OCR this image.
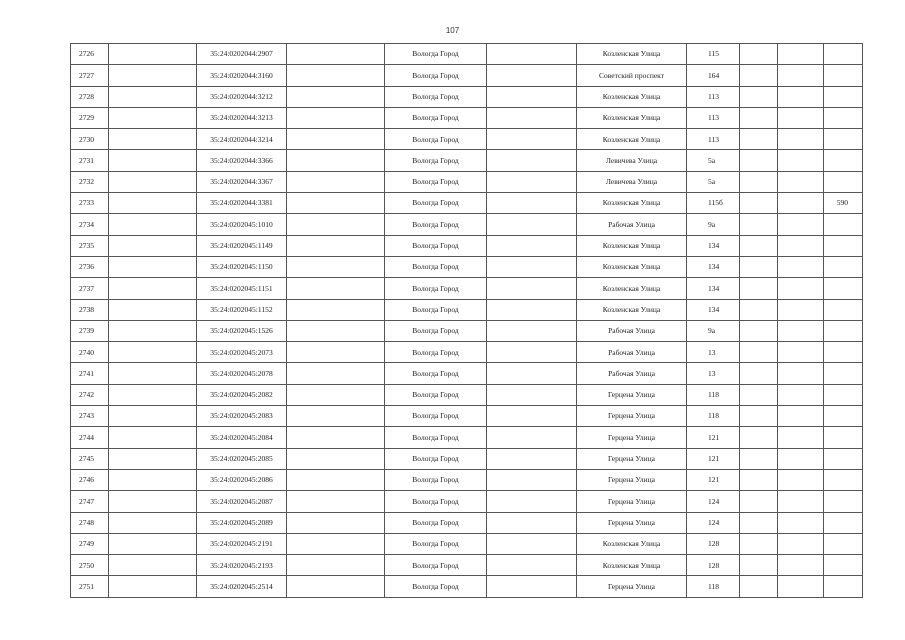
107
2726		35:24:0202044:2907		Вологда Город		Козленская Улица	115			
2727		35:24:0202044:3160		Вологда Город		Советский проспект	164			
2728		35:24:0202044:3212		Вологда Город		Козленская Улица	113			
2729		35:24:0202044:3213		Вологда Город		Козленская Улица	113			
2730		35:24:0202044:3214		Вологда Город		Козленская Улица	113			
2731		35:24:0202044:3366		Вологда Город		Левичева Улица	5а			
2732		35:24:0202044:3367		Вологда Город		Левичева Улица	5а			
2733		35:24:0202044:3381		Вологда Город		Козленская Улица	115б			590
2734		35:24:0202045:1010		Вологда Город		Рабочая Улица	9а			
2735		35:24:0202045:1149		Вологда Город		Козленская Улица	134			
2736		35:24:0202045:1150		Вологда Город		Козленская Улица	134			
2737		35:24:0202045:1151		Вологда Город		Козленская Улица	134			
2738		35:24:0202045:1152		Вологда Город		Козленская Улица	134			
2739		35:24:0202045:1526		Вологда Город		Рабочая Улица	9а			
2740		35:24:0202045:2073		Вологда Город		Рабочая Улица	13			
2741		35:24:0202045:2078		Вологда Город		Рабочая Улица	13			
2742		35:24:0202045:2082		Вологда Город		Герцена Улица	118			
2743		35:24:0202045:2083		Вологда Город		Герцена Улица	118			
2744		35:24:0202045:2084		Вологда Город		Герцена Улица	121			
2745		35:24:0202045:2085		Вологда Город		Герцена Улица	121			
2746		35:24:0202045:2086		Вологда Город		Герцена Улица	121			
2747		35:24:0202045:2087		Вологда Город		Герцена Улица	124			
2748		35:24:0202045:2089		Вологда Город		Герцена Улица	124			
2749		35:24:0202045:2191		Вологда Город		Козленская Улица	128			
2750		35:24:0202045:2193		Вологда Город		Козленская Улица	128			
2751		35:24:0202045:2514		Вологда Город		Герцена Улица	118			
